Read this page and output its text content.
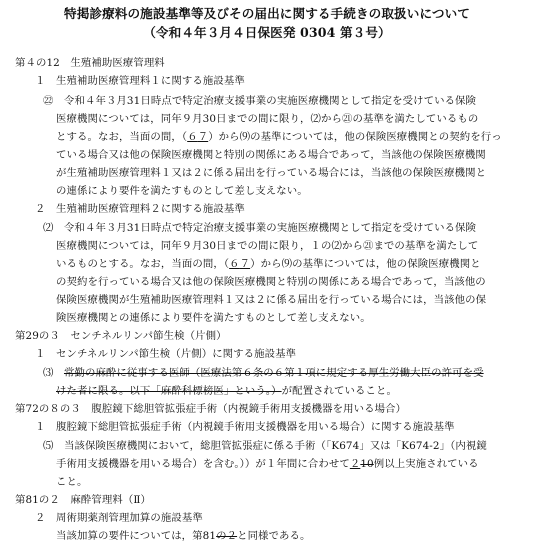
特掲診療料の施設基準等及びその届出に関する手続きの取扱いについて
（令和４年３月４日保医発 0304 第３号）
第４の12　生殖補助医療管理料
１　生殖補助医療管理料１に関する施設基準
㉒　令和４年３月31日時点で特定治療支援事業の実施医療機関として指定を受けている保険
医療機関については，同年９月30日までの間に限り，⑵から㉑の基準を満たしているもの
とする。なお，当面の間，（６７）から⑼の基準については，他の保険医療機関との契約を行っ
ている場合又は他の保険医療機関と特別の関係にある場合であって，当該他の保険医療機関
が生殖補助医療管理料１又は２に係る届出を行っている場合には，当該他の保険医療機関と
の連係により要件を満たすものとして差し支えない。
２　生殖補助医療管理料２に関する施設基準
⑵　令和４年３月31日時点で特定治療支援事業の実施医療機関として指定を受けている保険
医療機関については，同年９月30日までの間に限り，１の⑵から㉑までの基準を満たして
いるものとする。なお，当面の間，（６７）から⑼の基準については，他の保険医療機関と
の契約を行っている場合又は他の保険医療機関と特別の関係にある場合であって，当該他の
保険医療機関が生殖補助医療管理料１又は２に係る届出を行っている場合には，当該他の保
険医療機関との連係により要件を満たすものとして差し支えない。
第29の３　センチネルリンパ節生検（片側）
１　センチネルリンパ節生検（片側）に関する施設基準
⑶　常勤の麻酔に従事する医師（医療法第６条の６第１項に規定する厚生労働大臣の許可を受
けた者に限る。以下「麻酔科標榜医」という。）が配置されていること。
第72の８の３　腹腔鏡下総胆管拡張症手術（内視鏡手術用支援機器を用いる場合）
１　腹腔鏡下総胆管拡張症手術（内視鏡手術用支援機器を用いる場合）に関する施設基準
⑸　当該保険医療機関において，総胆管拡張症に係る手術（「K674」又は「K674-2」（内視鏡
手術用支援機器を用いる場合）を含む。））が１年間に合わせて２10例以上実施されている
こと。
第81の２　麻酔管理料（Ⅱ）
２　周術期薬剤管理加算の施設基準
当該加算の要件については，第81の２と同様である。
